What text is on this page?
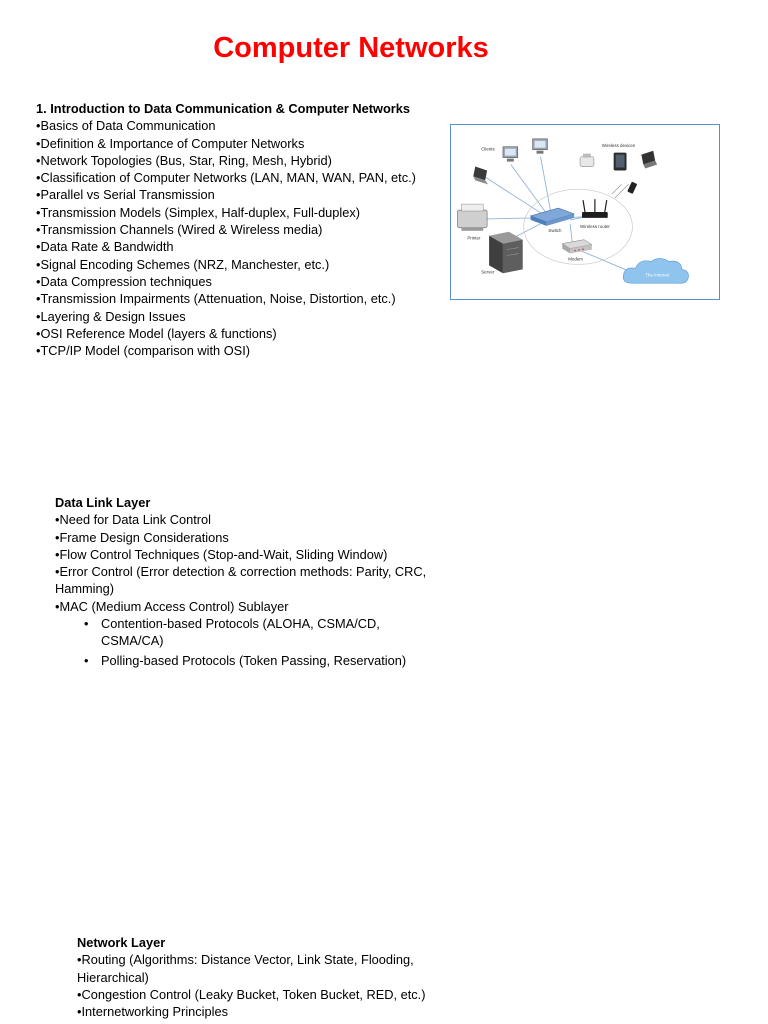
Computer Networks
1. Introduction to Data Communication & Computer Networks
•Basics of Data Communication
•Definition & Importance of Computer Networks
•Network Topologies (Bus, Star, Ring, Mesh, Hybrid)
•Classification of Computer Networks (LAN, MAN, WAN, PAN, etc.)
•Parallel vs Serial Transmission
•Transmission Models (Simplex, Half-duplex, Full-duplex)
•Transmission Channels (Wired & Wireless media)
•Data Rate & Bandwidth
•Signal Encoding Schemes (NRZ, Manchester, etc.)
•Data Compression techniques
•Transmission Impairments (Attenuation, Noise, Distortion, etc.)
•Layering & Design Issues
•OSI Reference Model (layers & functions)
•TCP/IP Model (comparison with OSI)
Clients
Wireless devices
Printer
Switch
Wireless router
Server
Modem
The Internet
Data Link Layer
•Need for Data Link Control
•Frame Design Considerations
•Flow Control Techniques (Stop-and-Wait, Sliding Window)
•Error Control (Error detection & correction methods: Parity, CRC, Hamming)
•MAC (Medium Access Control) Sublayer
• Contention-based Protocols (ALOHA, CSMA/CD, CSMA/CA)
• Polling-based Protocols (Token Passing, Reservation)
Network Layer
•Routing (Algorithms: Distance Vector, Link State, Flooding, Hierarchical)
•Congestion Control (Leaky Bucket, Token Bucket, RED, etc.)
•Internetworking Principles
